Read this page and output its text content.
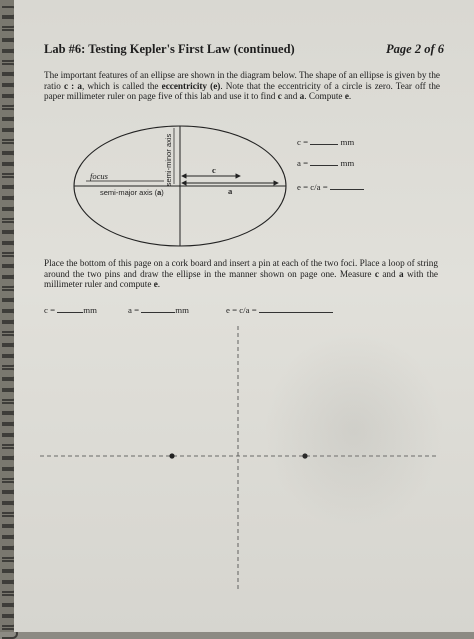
Lab #6: Testing Kepler's First Law (continued)	Page 2 of 6
The important features of an ellipse are shown in the diagram below. The shape of an ellipse is given by the ratio c : a, which is called the eccentricity (e). Note that the eccentricity of a circle is zero. Tear off the paper millimeter ruler on page five of this lab and use it to find c and a. Compute e.
semi-minor axis
focus
semi-major axis (a)
c
a
c =	mm
a =	mm
e = c/a =
Place the bottom of this page on a cork board and insert a pin at each of the two foci. Place a loop of string around the two pins and draw the ellipse in the manner shown on page one. Measure c and a with the millimeter ruler and compute e.
c =	mm	a =	mm	e = c/a =
